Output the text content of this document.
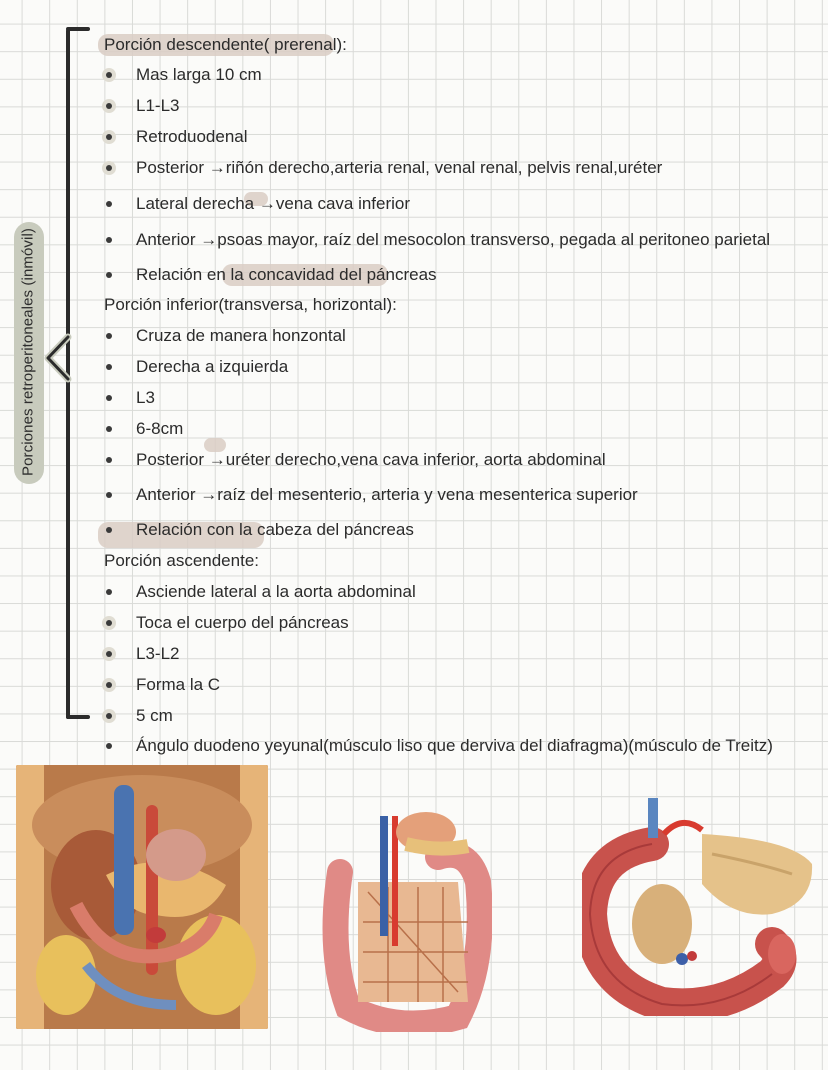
Porciones retroperitoneales (inmóvil)
Porción descendente( prerenal):
Mas larga 10 cm
L1-L3
Retroduodenal
Posterior →riñón derecho,arteria renal, venal renal, pelvis renal,uréter
Lateral derecha →vena cava inferior
Anterior →psoas mayor, raíz del mesocolon transverso, pegada al peritoneo parietal
Relación en la concavidad del páncreas
Porción inferior(transversa, horizontal):
Cruza de manera honzontal
Derecha a izquierda
L3
6-8cm
Posterior →uréter derecho,vena cava inferior, aorta abdominal
Anterior →raíz del mesenterio, arteria y vena mesenterica superior
Relación con la cabeza del páncreas
Porción ascendente:
Asciende lateral a la aorta abdominal
Toca el cuerpo del páncreas
L3-L2
Forma la C
5 cm
Ángulo duodeno yeyunal(músculo liso que derviva del diafragma)(músculo de Treitz)
